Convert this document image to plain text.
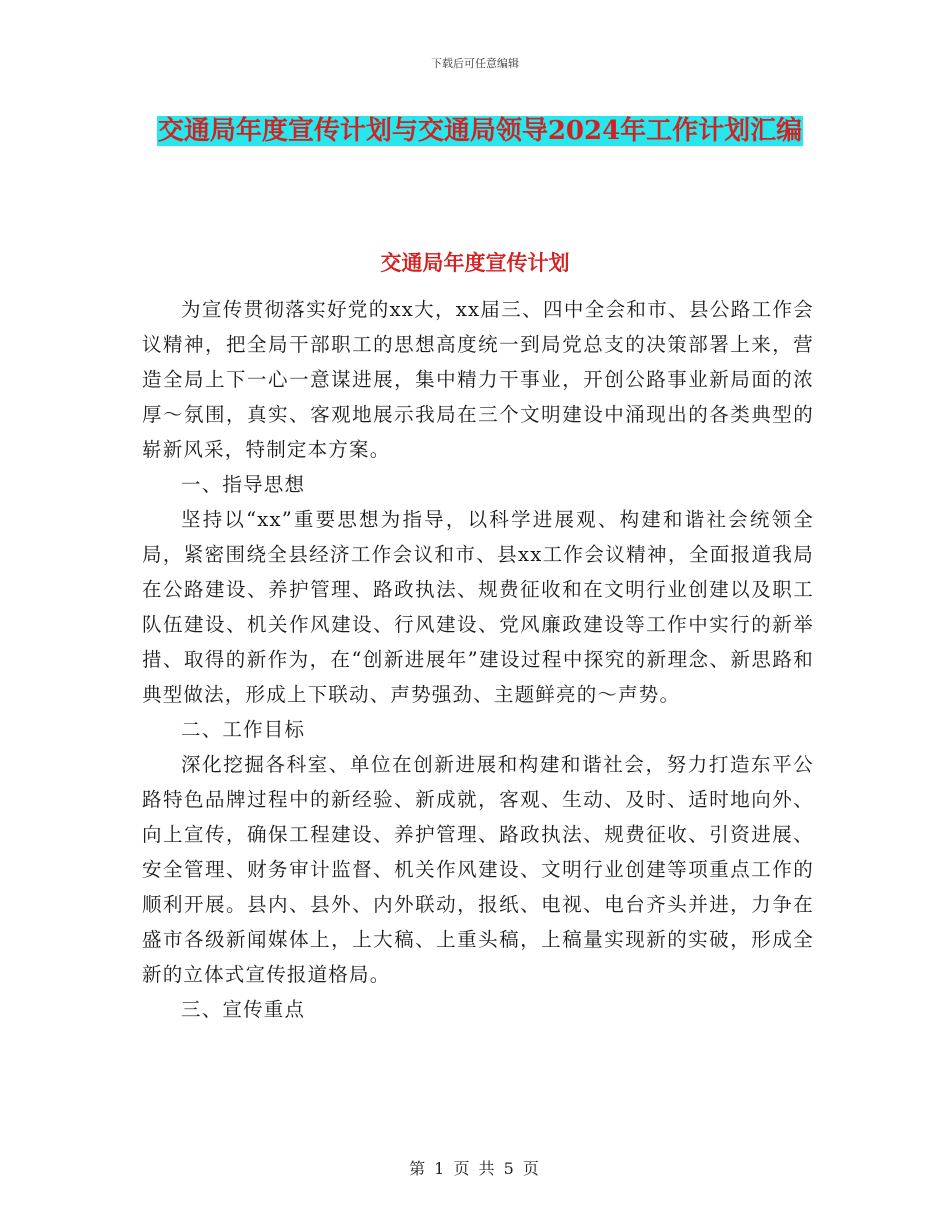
下载后可任意编辑
交通局年度宣传计划与交通局领导2024年工作计划汇编
交通局年度宣传计划

为宣传贯彻落实好党的xx大，xx届三、四中全会和市、县公路工作会议精神，把全局干部职工的思想高度统一到局党总支的决策部署上来，营造全局上下一心一意谋进展，集中精力干事业，开创公路事业新局面的浓厚～氛围，真实、客观地展示我局在三个文明建设中涌现出的各类典型的崭新风采，特制定本方案。

一、指导思想

坚持以“xx”重要思想为指导，以科学进展观、构建和谐社会统领全局，紧密围绕全县经济工作会议和市、县xx工作会议精神，全面报道我局在公路建设、养护管理、路政执法、规费征收和在文明行业创建以及职工队伍建设、机关作风建设、行风建设、党风廉政建设等工作中实行的新举措、取得的新作为，在“创新进展年”建设过程中探究的新理念、新思路和典型做法，形成上下联动、声势强劲、主题鲜亮的～声势。

二、工作目标

深化挖掘各科室、单位在创新进展和构建和谐社会，努力打造东平公路特色品牌过程中的新经验、新成就，客观、生动、及时、适时地向外、向上宣传，确保工程建设、养护管理、路政执法、规费征收、引资进展、安全管理、财务审计监督、机关作风建设、文明行业创建等项重点工作的顺利开展。县内、县外、内外联动，报纸、电视、电台齐头并进，力争在盛市各级新闻媒体上，上大稿、上重头稿，上稿量实现新的实破，形成全新的立体式宣传报道格局。

三、宣传重点

第 1 页 共 5 页
